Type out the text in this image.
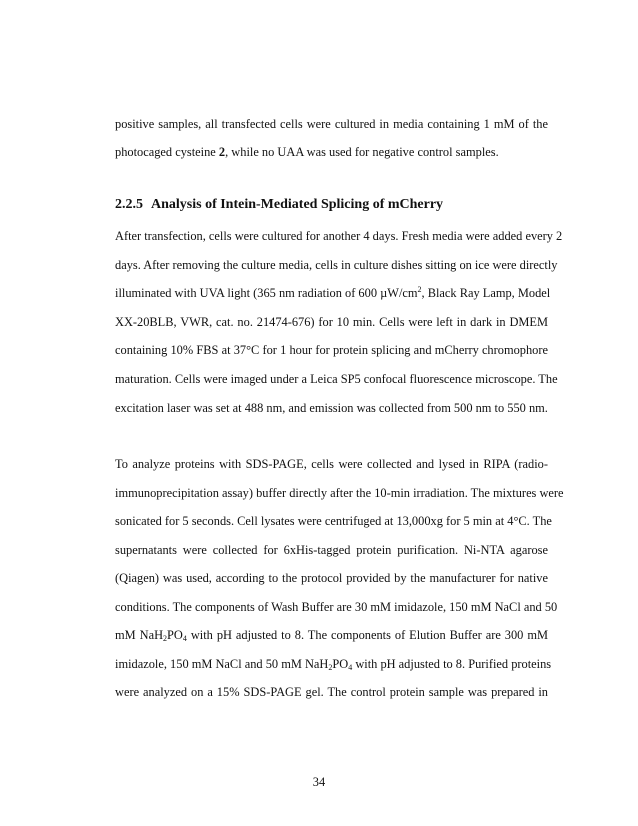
positive samples, all transfected cells were cultured in media containing 1 mM of the
photocaged cysteine 2, while no UAA was used for negative control samples.
2.2.5 Analysis of Intein-Mediated Splicing of mCherry
After transfection, cells were cultured for another 4 days. Fresh media were added every 2
days. After removing the culture media, cells in culture dishes sitting on ice were directly
illuminated with UVA light (365 nm radiation of 600 $\mu W/cm^2$, Black Ray Lamp, Model
XX-20BLB, VWR, cat. no. 21474-676) for 10 min. Cells were left in dark in DMEM
containing 10% FBS at 37°C for 1 hour for protein splicing and mCherry chromophore
maturation. Cells were imaged under a Leica SP5 confocal fluorescence microscope. The
excitation laser was set at 488 nm, and emission was collected from 500 nm to 550 nm.
To analyze proteins with SDS-PAGE, cells were collected and lysed in RIPA (radio-
immunoprecipitation assay) buffer directly after the 10-min irradiation. The mixtures were
sonicated for 5 seconds. Cell lysates were centrifuged at 13,000xg for 5 min at 4°C. The
supernatants were collected for 6xHis-tagged protein purification. Ni-NTA agarose
(Qiagen) was used, according to the protocol provided by the manufacturer for native
conditions. The components of Wash Buffer are 30 mM imidazole, 150 mM NaCl and 50
mM $NaH_2PO_4$ with pH adjusted to 8. The components of Elution Buffer are 300 mM
imidazole, 150 mM NaCl and 50 mM $NaH_2PO_4$ with pH adjusted to 8. Purified proteins
were analyzed on a 15% SDS-PAGE gel. The control protein sample was prepared in
34
